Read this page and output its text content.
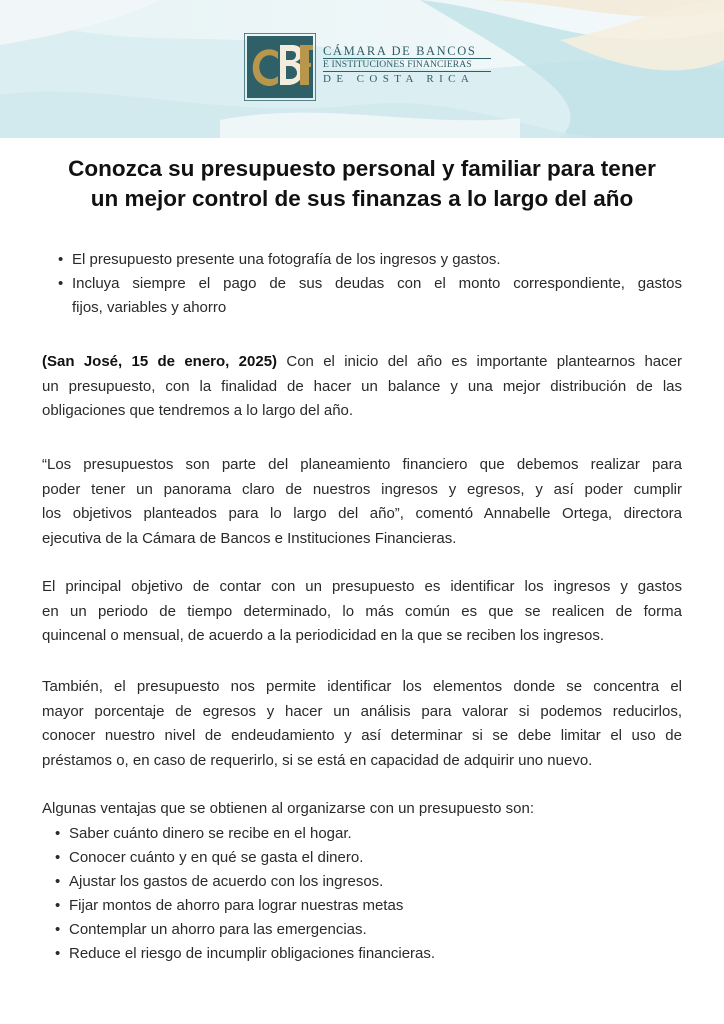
CÁMARA DE BANCOS
E INSTITUCIONES FINANCIERAS
DE COSTA RICA
Conozca su presupuesto personal y familiar para tener
un mejor control de sus finanzas a lo largo del año
• El presupuesto presente una fotografía de los ingresos y gastos.
• Incluya siempre el pago de sus deudas con el monto correspondiente, gastos
fijos, variables y ahorro

(San José, 15 de enero, 2025) Con el inicio del año es importante plantearnos hacer
un presupuesto, con la finalidad de hacer un balance y una mejor distribución de las
obligaciones que tendremos a lo largo del año.

“Los presupuestos son parte del planeamiento financiero que debemos realizar para
poder tener un panorama claro de nuestros ingresos y egresos, y así poder cumplir
los objetivos planteados para lo largo del año”, comentó Annabelle Ortega, directora
ejecutiva de la Cámara de Bancos e Instituciones Financieras.

El principal objetivo de contar con un presupuesto es identificar los ingresos y gastos
en un periodo de tiempo determinado, lo más común es que se realicen de forma
quincenal o mensual, de acuerdo a la periodicidad en la que se reciben los ingresos.

También, el presupuesto nos permite identificar los elementos donde se concentra el
mayor porcentaje de egresos y hacer un análisis para valorar si podemos reducirlos,
conocer nuestro nivel de endeudamiento y así determinar si se debe limitar el uso de
préstamos o, en caso de requerirlo, si se está en capacidad de adquirir uno nuevo.

Algunas ventajas que se obtienen al organizarse con un presupuesto son:

• Saber cuánto dinero se recibe en el hogar.
• Conocer cuánto y en qué se gasta el dinero.
• Ajustar los gastos de acuerdo con los ingresos.
• Fijar montos de ahorro para lograr nuestras metas
• Contemplar un ahorro para las emergencias.
• Reduce el riesgo de incumplir obligaciones financieras.
